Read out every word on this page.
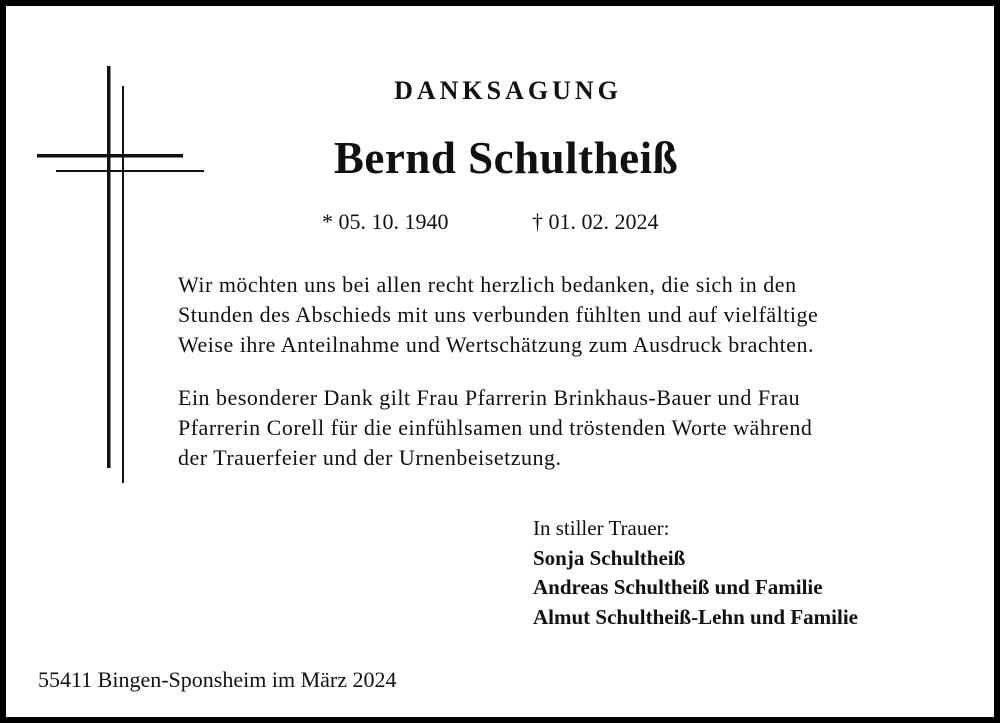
DANKSAGUNG
Bernd Schultheiß
* 05. 10. 1940	† 01. 02. 2024

Wir möchten uns bei allen recht herzlich bedanken, die sich in den
Stunden des Abschieds mit uns verbunden fühlten und auf vielfältige
Weise ihre Anteilnahme und Wertschätzung zum Ausdruck brachten.

Ein besonderer Dank gilt Frau Pfarrerin Brinkhaus-Bauer und Frau
Pfarrerin Corell für die einfühlsamen und tröstenden Worte während
der Trauerfeier und der Urnenbeisetzung.

In stiller Trauer:
Sonja Schultheiß
Andreas Schultheiß und Familie
Almut Schultheiß-Lehn und Familie
55411 Bingen-Sponsheim im März 2024
